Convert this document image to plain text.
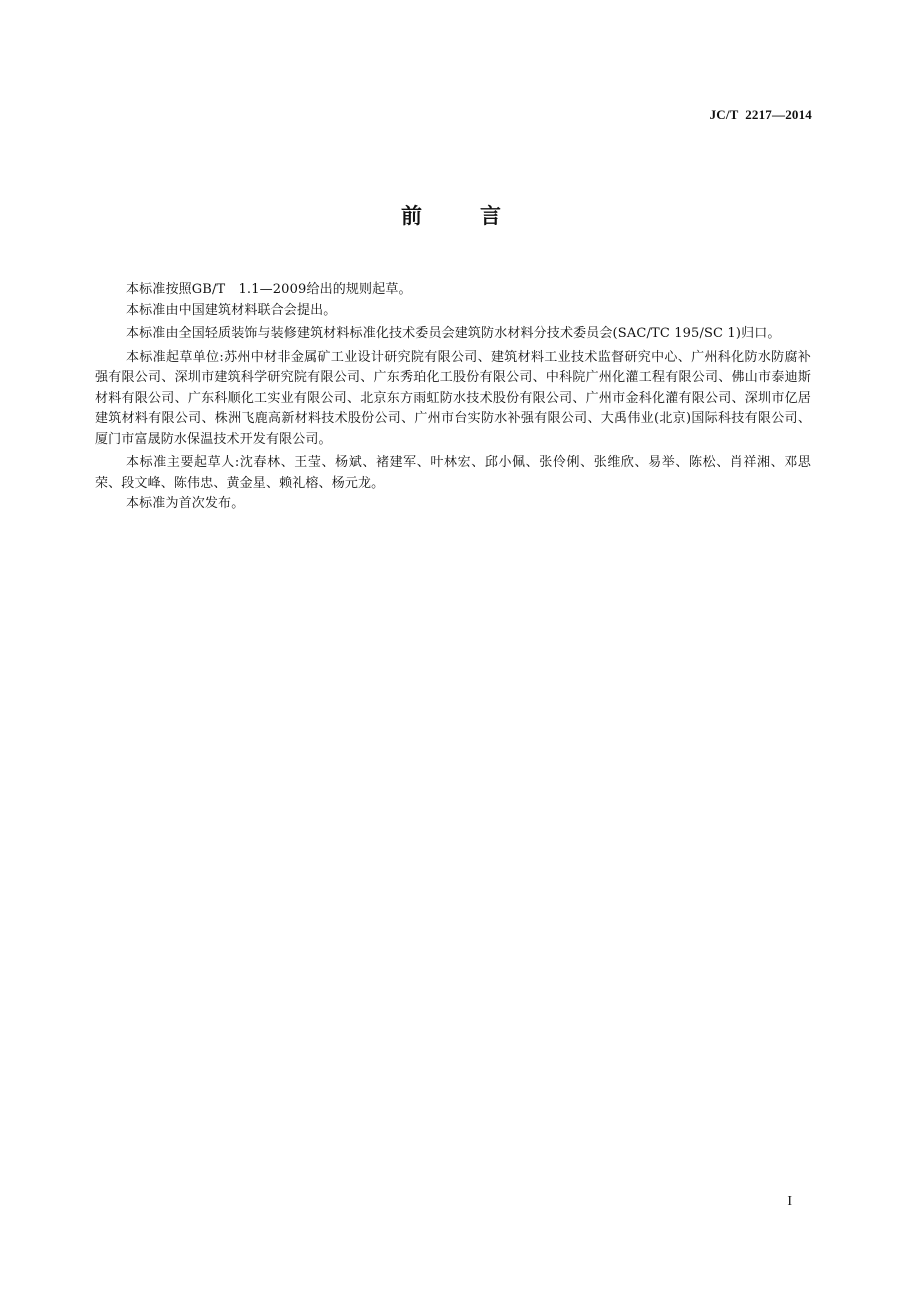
JC/T  2217—2014
前言

本标准按照GB/T　1.1—2009给出的规则起草。

本标准由中国建筑材料联合会提出。

本标准由全国轻质装饰与装修建筑材料标准化技术委员会建筑防水材料分技术委员会(SAC/TC 195/SC 1)归口。

本标准起草单位:苏州中材非金属矿工业设计研究院有限公司、建筑材料工业技术监督研究中心、广州科化防水防腐补强有限公司、深圳市建筑科学研究院有限公司、广东秀珀化工股份有限公司、中科院广州化灌工程有限公司、佛山市泰迪斯材料有限公司、广东科顺化工实业有限公司、北京东方雨虹防水技术股份有限公司、广州市金科化灌有限公司、深圳市亿居建筑材料有限公司、株洲飞鹿高新材料技术股份公司、广州市台实防水补强有限公司、大禹伟业(北京)国际科技有限公司、厦门市富晟防水保温技术开发有限公司。

本标准主要起草人:沈春林、王莹、杨斌、褚建军、叶林宏、邱小佩、张伶俐、张维欣、易举、陈松、肖祥湘、邓思荣、段文峰、陈伟忠、黄金星、赖礼榕、杨元龙。

本标准为首次发布。

I
